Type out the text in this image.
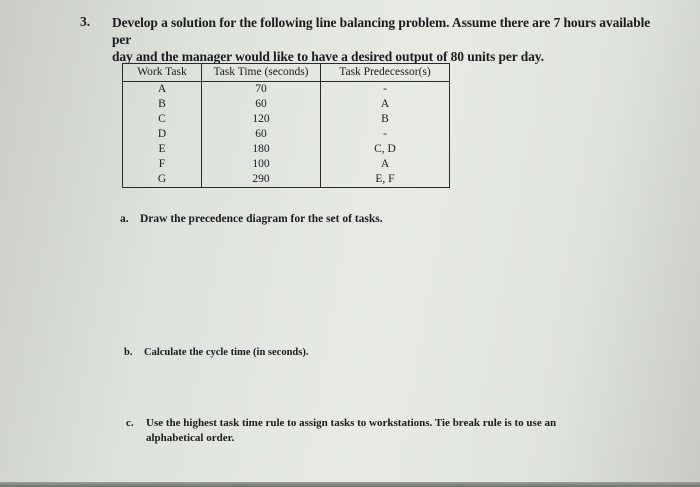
3. Develop a solution for the following line balancing problem. Assume there are 7 hours available per
day and the manager would like to have a desired output of 80 units per day.
Work Task	Task Time (seconds)	Task Predecessor(s)
A	70	-
B	60	A
C	120	B
D	60	-
E	180	C, D
F	100	A
G	290	E, F
a. Draw the precedence diagram for the set of tasks.
b. Calculate the cycle time (in seconds).
c. Use the highest task time rule to assign tasks to workstations. Tie break rule is to use an
alphabetical order.
